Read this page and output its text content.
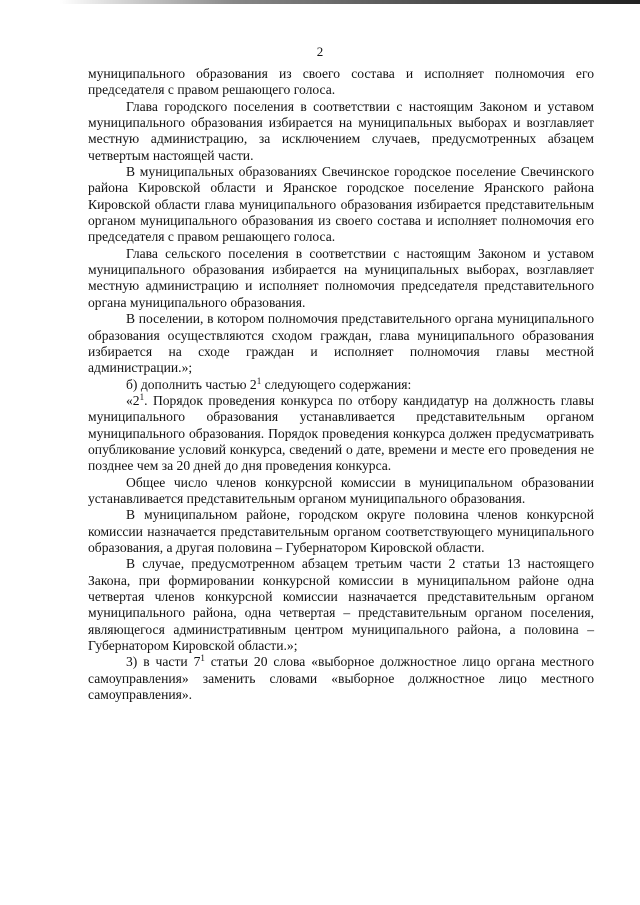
2

муниципального образования из своего состава и исполняет полномочия его председателя с правом решающего голоса.

Глава городского поселения в соответствии с настоящим Законом и уставом муниципального образования избирается на муниципальных выборах и возглавляет местную администрацию, за исключением случаев, предусмотренных абзацем четвертым настоящей части.

В муниципальных образованиях Свечинское городское поселение Свечинского района Кировской области и Яранское городское поселение Яранского района Кировской области глава муниципального образования избирается представительным органом муниципального образования из своего состава и исполняет полномочия его председателя с правом решающего голоса.

Глава сельского поселения в соответствии с настоящим Законом и уставом муниципального образования избирается на муниципальных выборах, возглавляет местную администрацию и исполняет полномочия председателя представительного органа муниципального образования.

В поселении, в котором полномочия представительного органа муниципального образования осуществляются сходом граждан, глава муниципального образования избирается на сходе граждан и исполняет полномочия главы местной администрации.»;

б) дополнить частью $2^1$ следующего содержания:

«$2^1$. Порядок проведения конкурса по отбору кандидатур на должность главы муниципального образования устанавливается представительным органом муниципального образования. Порядок проведения конкурса должен предусматривать опубликование условий конкурса, сведений о дате, времени и месте его проведения не позднее чем за 20 дней до дня проведения конкурса.

Общее число членов конкурсной комиссии в муниципальном образовании устанавливается представительным органом муниципального образования.

В муниципальном районе, городском округе половина членов конкурсной комиссии назначается представительным органом соответствующего муниципального образования, а другая половина – Губернатором Кировской области.

В случае, предусмотренном абзацем третьим части 2 статьи 13 настоящего Закона, при формировании конкурсной комиссии в муниципальном районе одна четвертая членов конкурсной комиссии назначается представительным органом муниципального района, одна четвертая – представительным органом поселения, являющегося административным центром муниципального района, а половина – Губернатором Кировской области.»;

3) в части $7^1$ статьи 20 слова «выборное должностное лицо органа местного самоуправления» заменить словами «выборное должностное лицо местного самоуправления».
